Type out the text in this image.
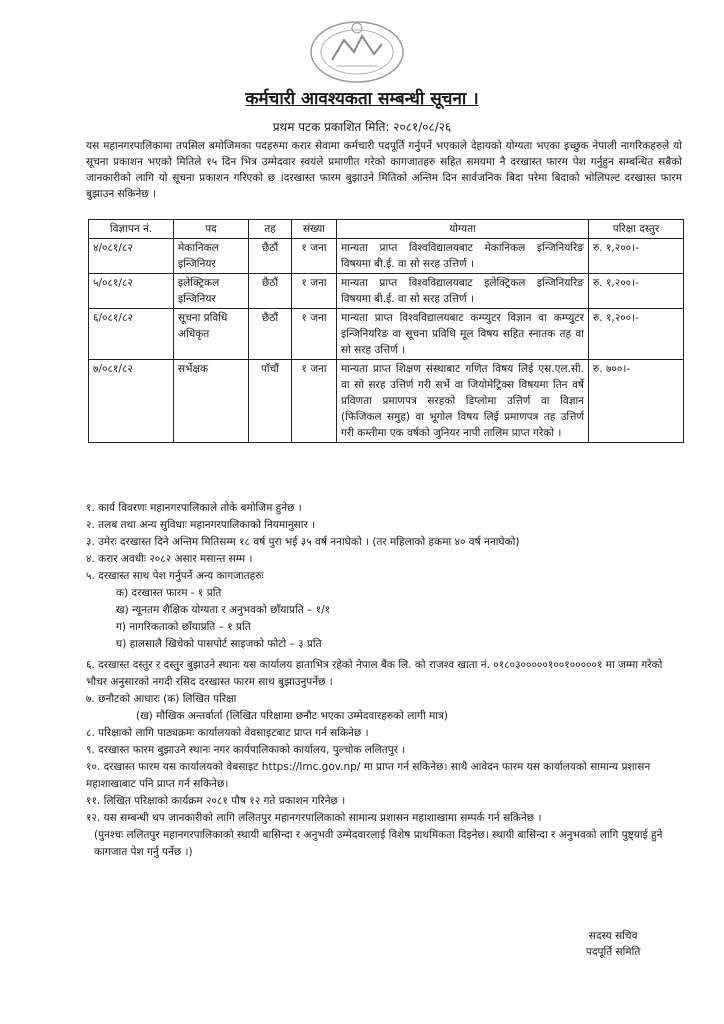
कर्मचारी आवश्यकता सम्बन्धी सूचना ।
प्रथम पटक प्रकाशित मिति: २०८१/०८/२६
यस महानगरपालिकामा तपसिल बमोजिमका पदहरुमा करार सेवामा कर्मचारी पदपूर्ति गर्नुपर्ने भएकाले देहायको योग्यता भएका इच्छुक नेपाली नागरिकहरुले यो सूचना प्रकाशन भएको मितिले १५ दिन भित्र उम्मेदवार स्वयंले प्रमाणीत गरेको कागजातहरु सहित समयमा नै दरखास्त फारम पेश गर्नुहुन सम्बन्धित सबैको जानकारीको लागि यो सूचना प्रकाशन गरिएको छ ।दरखास्त फारम बुझाउने मितिको अन्तिम दिन सार्वजनिक बिदा परेमा बिदाको भोलिपल्ट दरखास्त फारम बुझाउन सकिनेछ ।
विज्ञापन नं.	पद	तह	संख्या	योग्यता	परिक्षा दस्तुर
४/०८१/८२	मेकानिकल इन्जिनियर	छैठौं	१ जना	मान्यता प्राप्त विश्वविद्यालयबाट मेकानिकल इन्जिनियरिङ विषयमा बी.ई. वा सो सरह उत्तिर्ण ।	रु. १,२००।-
५/०८१/८२	इलेक्ट्रिकल इन्जिनियर	छैठौं	१ जना	मान्यता प्राप्त विश्वविद्यालयबाट इलेक्ट्रिकल इन्जिनियरिङ विषयमा बी.ई. वा सो सरह उत्तिर्ण ।	रु. १,२००।-
६/०८१/८२	सूचना प्रविधि अधिकृत	छैठौं	१ जना	मान्यता प्राप्त विश्वविद्यालयबाट कम्प्युटर विज्ञान वा कम्प्युटर इन्जिनियरिङ वा सूचना प्रविधि मूल विषय सहित स्नातक तह वा सो सरह उत्तिर्ण ।	रु. १,२००।-
७/०८१/८२	सर्भेक्षक	पाँचौं	१ जना	मान्यता प्राप्त शिक्षण संस्थाबाट गणित विषय लिई एस.एल.सी. वा सो सरह उत्तिर्ण गरी सर्भे वा जियोमेट्रिक्स विषयमा तिन वर्षे प्रविणता प्रमाणपत्र सरहको डिप्लोमा उत्तिर्ण वा विज्ञान (फिजिकल समुह) वा भूगोल विषय लिई प्रमाणपत्र तह उत्तिर्ण गरी कम्तीमा एक वर्षको जुनियर नापी तालिम प्राप्त गरेको ।	रु. ७००।-
१. कार्य विवरणः महानगरपालिकाले तोके बमोजिम हुनेछ ।
२. तलब तथा अन्य सुविधाः महानगरपालिकाको नियमानुसार ।
३. उमेरः दरखास्त दिने अन्तिम मितिसम्म १८ वर्ष पुरा भई ३५ वर्ष ननाघेको । (तर महिलाको हकमा ४० वर्ष ननाघेको)
४. करार अवधीः २०८२ असार मसान्त सम्म ।
५. दरखास्त साथ पेश गर्नुपर्ने अन्य कागजातहरुः
क) दरखास्त फारम - १ प्रति
ख) न्यूनतम शैक्षिक योग्यता र अनुभवको छाँयाप्रति – १/१
ग) नागरिकताको छाँयाप्रति – १ प्रति
घ) हालसालै खिचेको पासपोर्ट साइजको फोटो – ३ प्रति
६. दरखास्त दस्तुर र दस्तुर बुझाउने स्थानः यस कार्यालय हाताभित्र रहेको नेपाल बैंक लि. को राजश्व खाता नं. ०१८०३०००००१००१०००००१ मा जम्मा गरेको भौचर अनुसारको नगदी रसिद दरखास्त फारम साथ बुझाउनुपर्नेछ ।
७. छनौटको आधारः (क) लिखित परिक्षा
(ख) मौखिक अन्तर्वार्ता (लिखित परिक्षामा छनौट भएका उम्मेदवारहरुको लागी मात्र)
८. परिक्षाको लागि पाठ्यक्रमः कार्यालयको वेवसाइटबाट प्राप्त गर्न सकिनेछ ।
९. दरखास्त फारम बुझाउने स्थानः नगर कार्यपालिकाको कार्यालय, पुल्चोक ललितपुर ।
१०. दरखास्त फारम यस कार्यालयको वेबसाइट https://lmc.gov.np/ मा प्राप्त गर्न सकिनेछ। साथै आवेदन फारम यस कार्यालयको सामान्य प्रशासन महाशाखाबाट पनि प्राप्त गर्न सकिनेछ।
११. लिखित परिक्षाको कार्यक्रम २०८१ पौष १२ गते प्रकाशन गरिनेछ ।
१२. यस सम्बन्धी थप जानकारीको लागि ललितपुर महानगरपालिकाको सामान्य प्रशासन महाशाखामा सम्पर्क गर्न सकिनेछ ।
(पुनश्चः ललितपुर महानगरपालिकाको स्थायी बासिन्दा र अनुभवी उम्मेदवारलाई विशेष प्राथमिकता दिइनेछ। स्थायी बासिन्दा र अनुभवको लागि पुष्ट्याई हुने कागजात पेश गर्नु पर्नेछ ।)
सदस्य सचिव
पदपूर्ति समिति
